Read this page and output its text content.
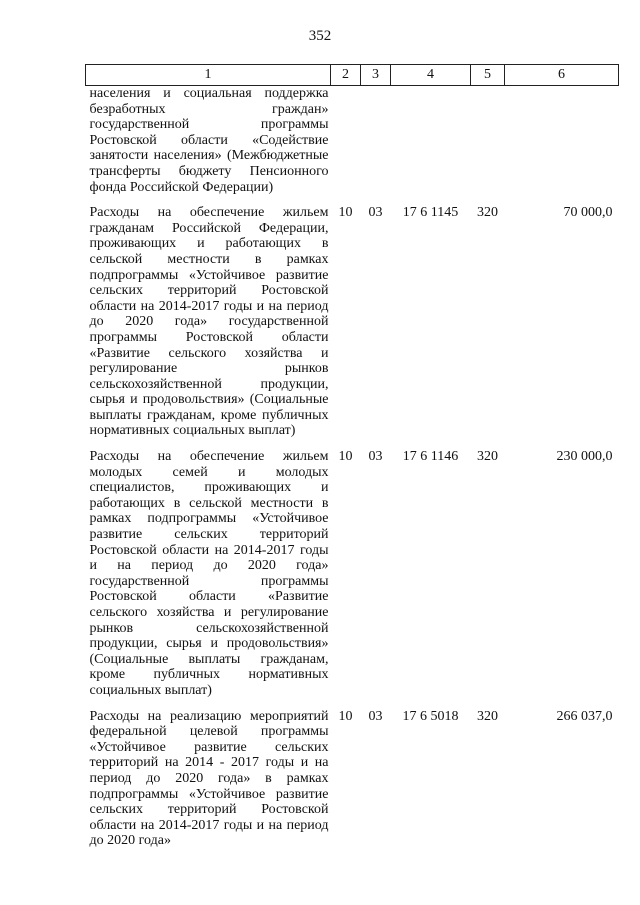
352
1	2	3	4	5	6
населения и социальная поддержка безработных граждан» государственной программы Ростовской области «Содействие занятости населения» (Межбюджетные трансферты бюджету Пенсионного фонда Российской Федерации)					
Расходы на обеспечение жильем гражданам Российской Федерации, проживающих и работающих в сельской местности в рамках подпрограммы «Устойчивое развитие сельских территорий Ростовской области на 2014-2017 годы и на период до 2020 года» государственной программы Ростовской области «Развитие сельского хозяйства и регулирование рынков сельскохозяйственной продукции, сырья и продовольствия» (Социальные выплаты гражданам, кроме публичных нормативных социальных выплат)	10	03	17 6 1145	320	70 000,0
Расходы на обеспечение жильем молодых семей и молодых специалистов, проживающих и работающих в сельской местности в рамках подпрограммы «Устойчивое развитие сельских территорий Ростовской области на 2014-2017 годы и на период до 2020 года» государственной программы Ростовской области «Развитие сельского хозяйства и регулирование рынков сельскохозяйственной продукции, сырья и продовольствия» (Социальные выплаты гражданам, кроме публичных нормативных социальных выплат)	10	03	17 6 1146	320	230 000,0
Расходы на реализацию мероприятий федеральной целевой программы «Устойчивое развитие сельских территорий на 2014 - 2017 годы и на период до 2020 года» в рамках подпрограммы «Устойчивое развитие сельских территорий Ростовской области на 2014-2017 годы и на период до 2020 года»	10	03	17 6 5018	320	266 037,0
